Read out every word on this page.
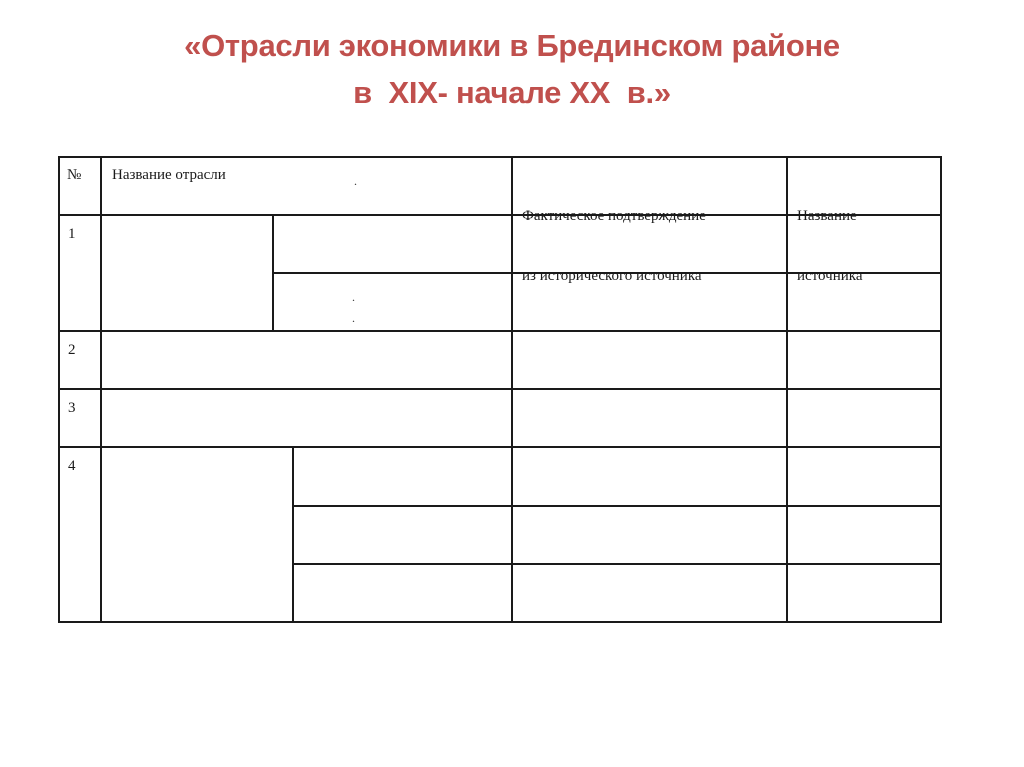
«Отрасли экономики в Брединском районе
в  XIX- начале XX  в.»
№ Название отрасли	.

Фактическое подтверждение

из исторического источника

Название

источника

1
2
3
4
.
.
